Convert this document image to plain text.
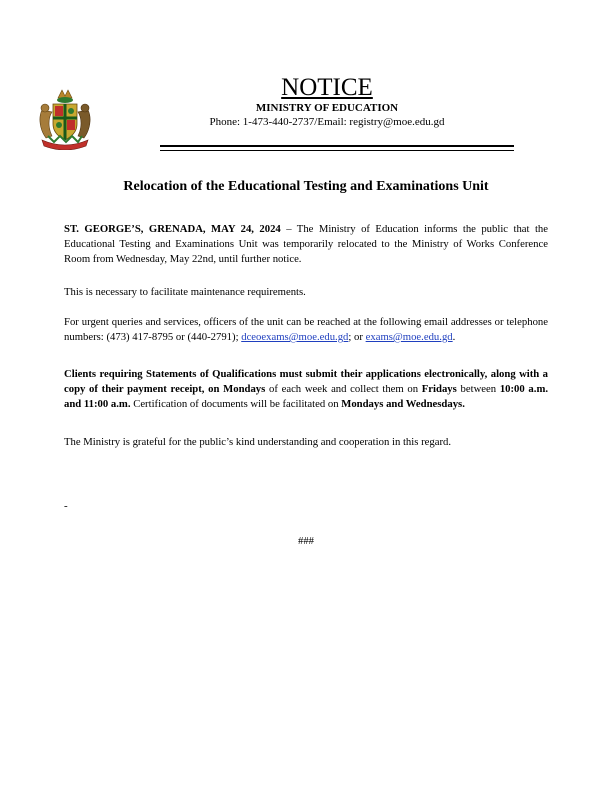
NOTICE
MINISTRY OF EDUCATION
Phone: 1-473-440-2737/Email: registry@moe.edu.gd
Relocation of the Educational Testing and Examinations Unit

ST. GEORGE’S, GRENADA, MAY 24, 2024 – The Ministry of Education informs the public that the Educational Testing and Examinations Unit was temporarily relocated to the Ministry of Works Conference Room from Wednesday, May 22nd, until further notice.

This is necessary to facilitate maintenance requirements.

For urgent queries and services, officers of the unit can be reached at the following email addresses or telephone numbers: (473) 417-8795 or (440-2791); dceoexams@moe.edu.gd; or exams@moe.edu.gd.

Clients requiring Statements of Qualifications must submit their applications electronically, along with a copy of their payment receipt, on Mondays of each week and collect them on Fridays between 10:00 a.m. and 11:00 a.m. Certification of documents will be facilitated on Mondays and Wednesdays.

The Ministry is grateful for the public’s kind understanding and cooperation in this regard.

-
###
